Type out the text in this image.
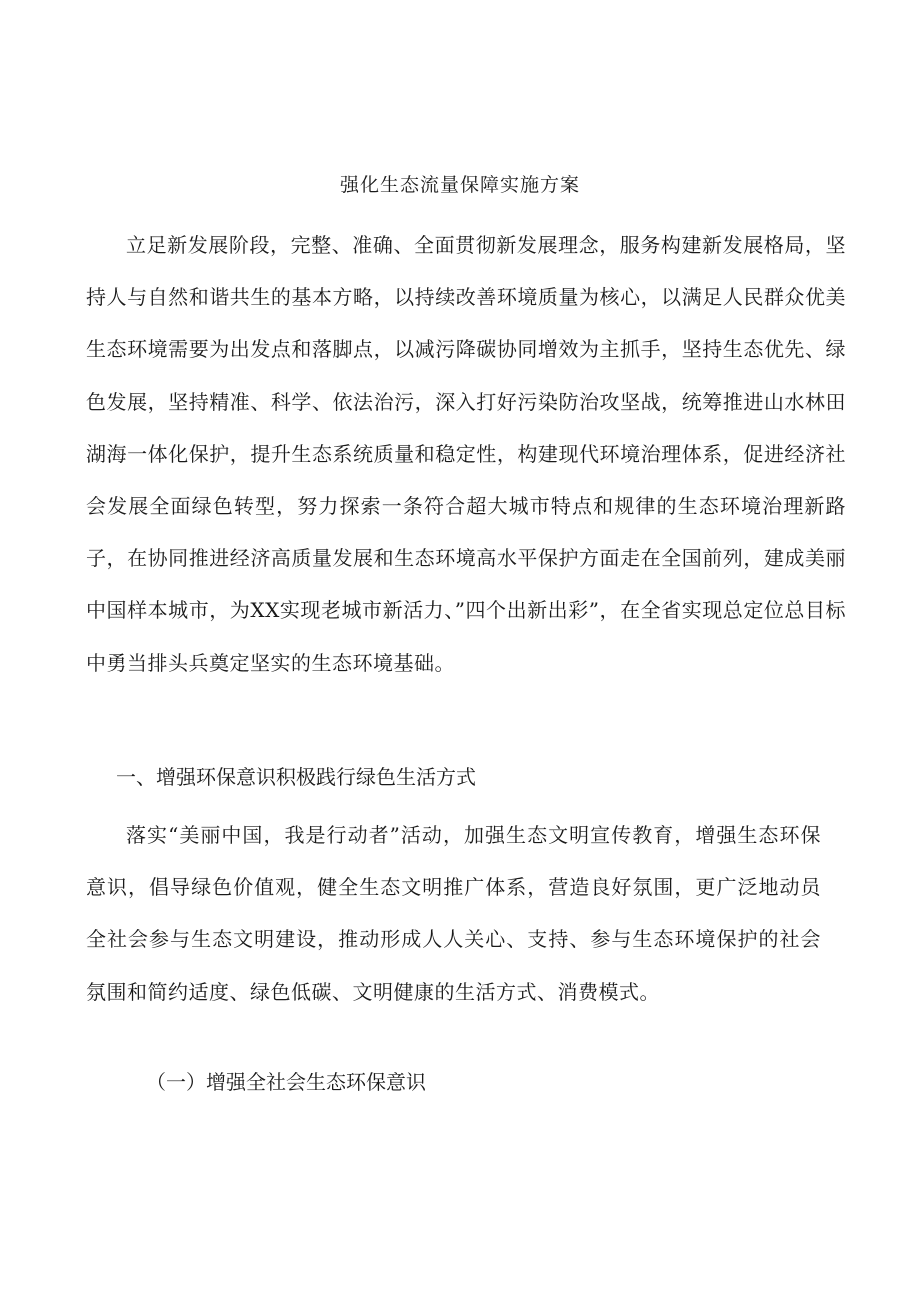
强化生态流量保障实施方案

立足新发展阶段，完整、准确、全面贯彻新发展理念，服务构建新发展格局，坚持人与自然和谐共生的基本方略，以持续改善环境质量为核心，以满足人民群众优美生态环境需要为出发点和落脚点，以减污降碳协同增效为主抓手，坚持生态优先、绿色发展，坚持精准、科学、依法治污，深入打好污染防治攻坚战，统筹推进山水林田湖海一体化保护，提升生态系统质量和稳定性，构建现代环境治理体系，促进经济社会发展全面绿色转型，努力探索一条符合超大城市特点和规律的生态环境治理新路子，在协同推进经济高质量发展和生态环境高水平保护方面走在全国前列，建成美丽中国样本城市，为XX实现老城市新活力、”四个出新出彩”，在全省实现总定位总目标中勇当排头兵奠定坚实的生态环境基础。

一、增强环保意识积极践行绿色生活方式

落实“美丽中国，我是行动者”活动，加强生态文明宣传教育，增强生态环保意识，倡导绿色价值观，健全生态文明推广体系，营造良好氛围，更广泛地动员全社会参与生态文明建设，推动形成人人关心、支持、参与生态环境保护的社会氛围和简约适度、绿色低碳、文明健康的生活方式、消费模式。

（一）增强全社会生态环保意识
